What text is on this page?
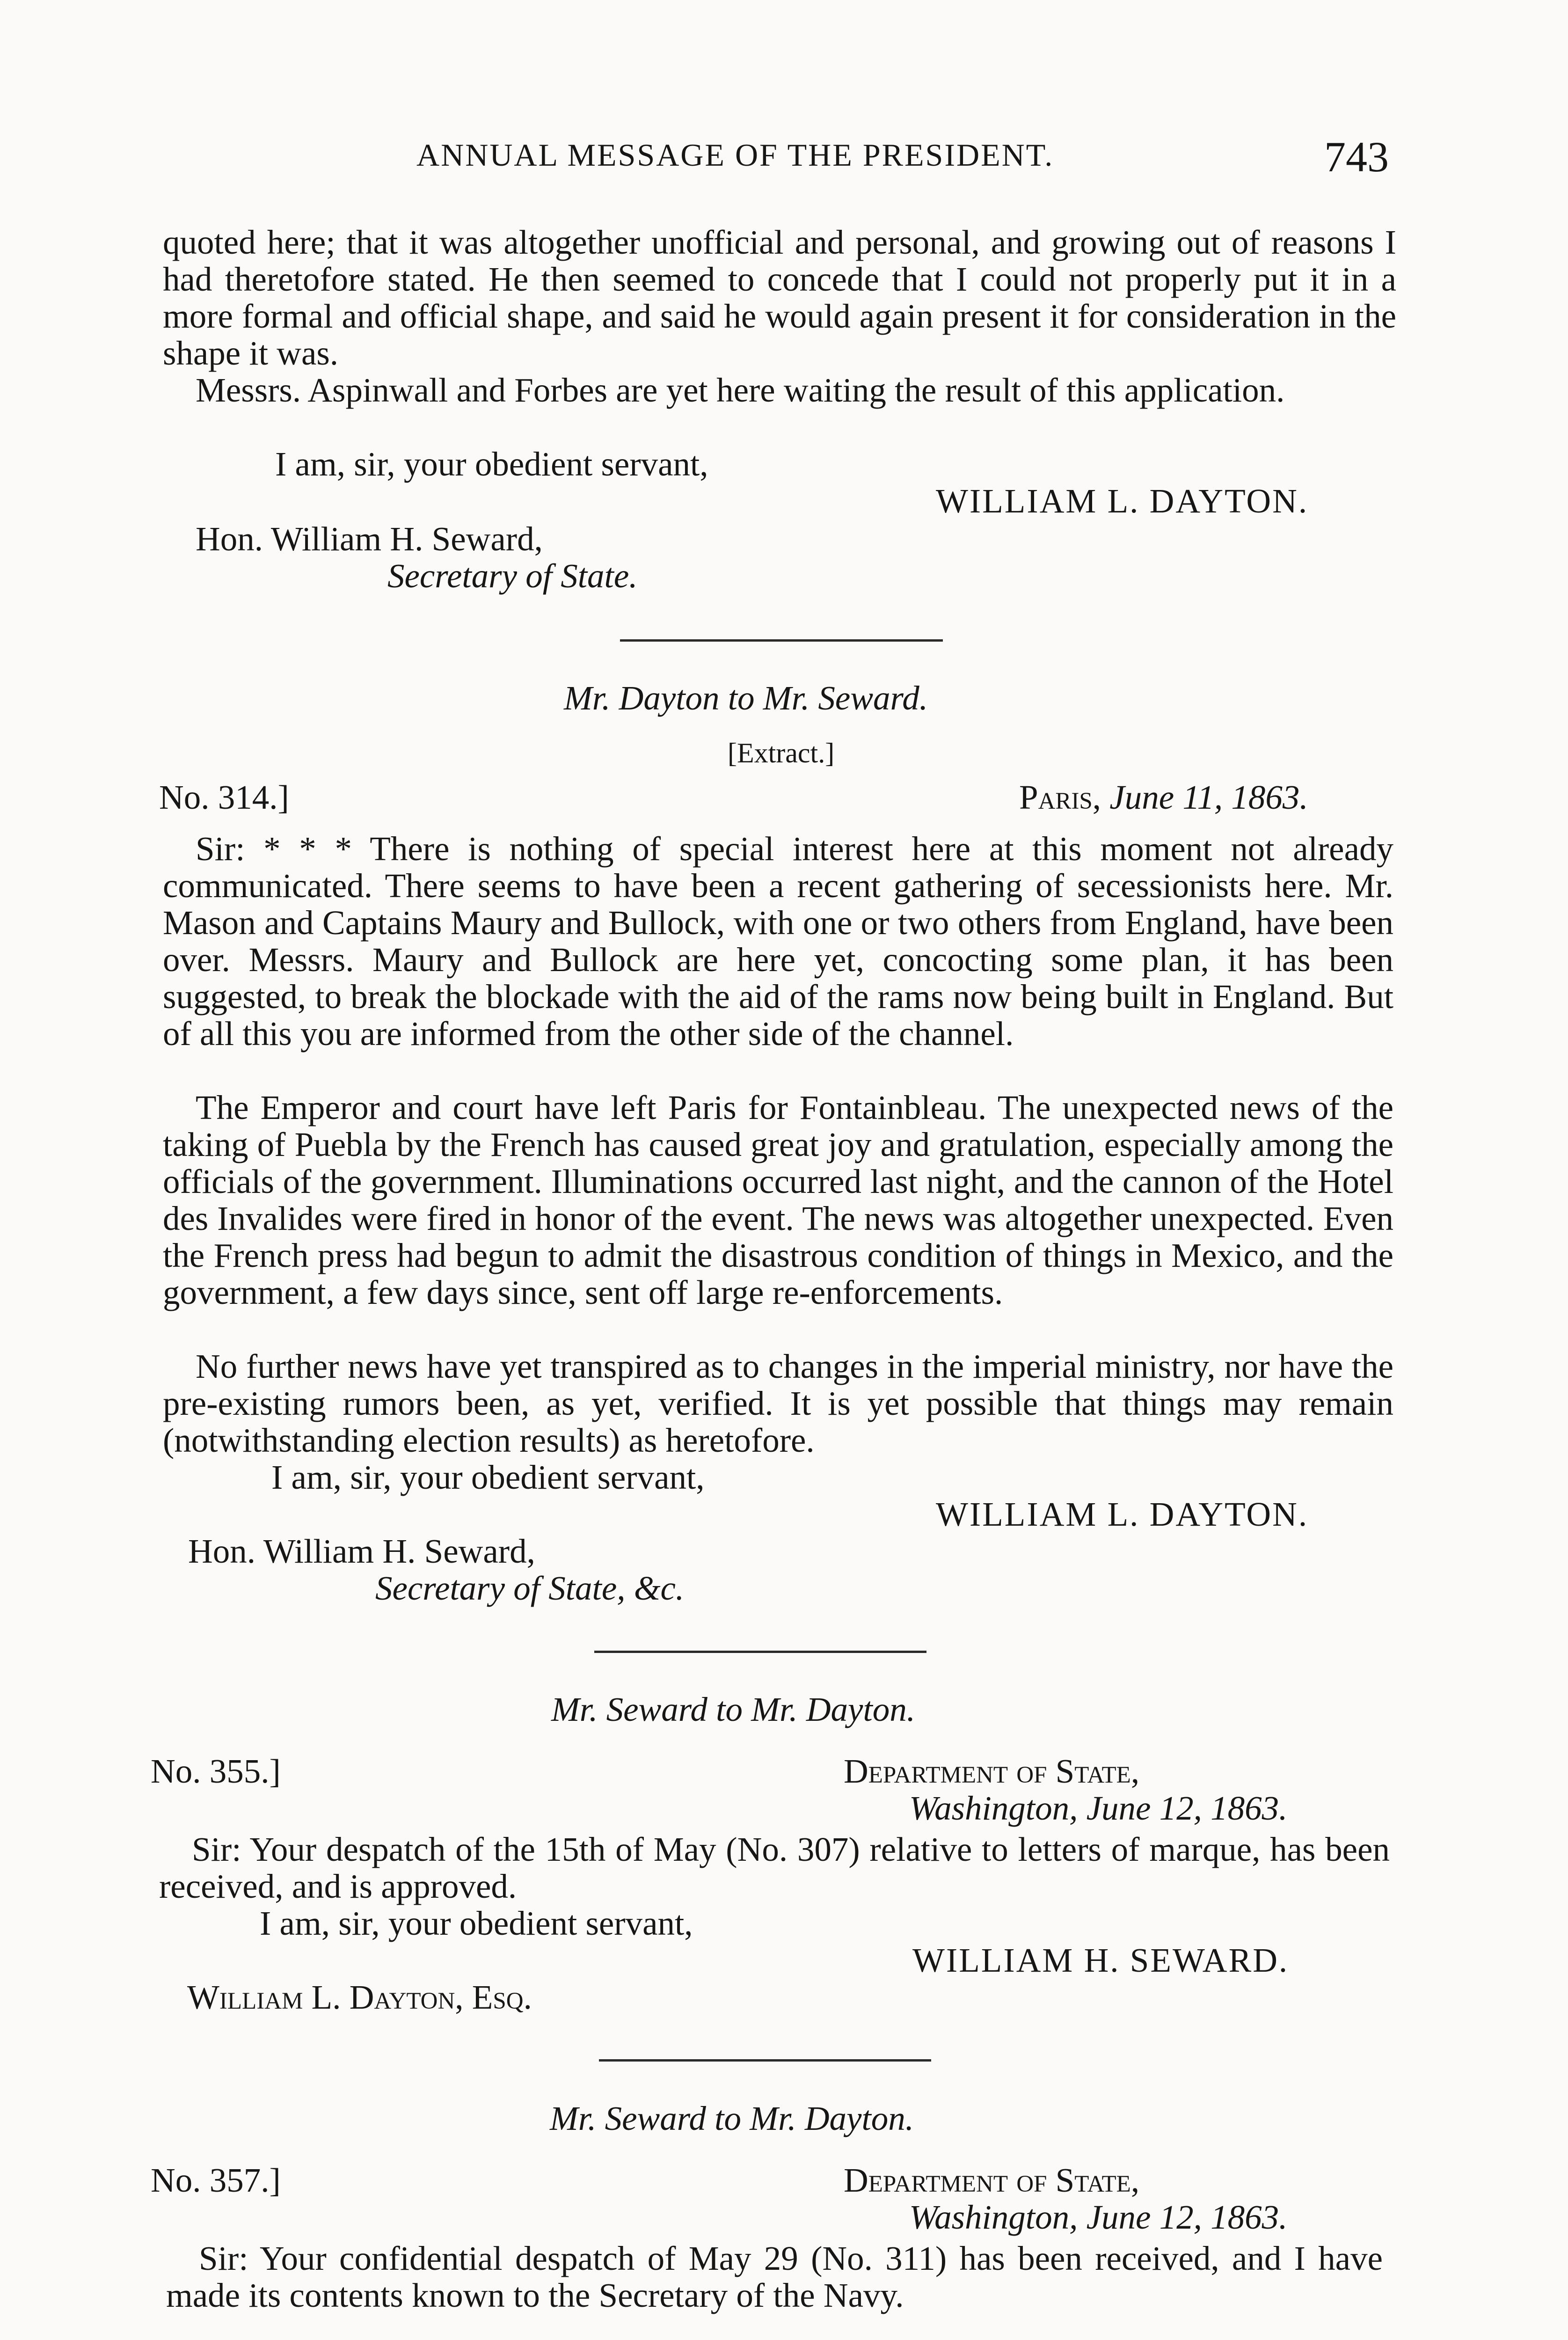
ANNUAL MESSAGE OF THE PRESIDENT.	743
quoted here; that it was altogether unofficial and personal, and growing out of reasons I had theretofore stated. He then seemed to concede that I could not properly put it in a more formal and official shape, and said he would again present it for consideration in the shape it was.
Messrs. Aspinwall and Forbes are yet here waiting the result of this application.
I am, sir, your obedient servant,
WILLIAM L. DAYTON.
Hon. William H. Seward,
Secretary of State.
Mr. Dayton to Mr. Seward.
[Extract.]
No. 314.]	Paris, June 11, 1863.
Sir: * * * There is nothing of special interest here at this moment not already communicated. There seems to have been a recent gathering of secessionists here. Mr. Mason and Captains Maury and Bullock, with one or two others from England, have been over. Messrs. Maury and Bullock are here yet, concocting some plan, it has been suggested, to break the blockade with the aid of the rams now being built in England. But of all this you are informed from the other side of the channel.
The Emperor and court have left Paris for Fontainbleau. The unexpected news of the taking of Puebla by the French has caused great joy and gratulation, especially among the officials of the government. Illuminations occurred last night, and the cannon of the Hotel des Invalides were fired in honor of the event. The news was altogether unexpected. Even the French press had begun to admit the disastrous condition of things in Mexico, and the government, a few days since, sent off large re-enforcements.
No further news have yet transpired as to changes in the imperial ministry, nor have the pre-existing rumors been, as yet, verified. It is yet possible that things may remain (notwithstanding election results) as heretofore.
I am, sir, your obedient servant,
WILLIAM L. DAYTON.
Hon. William H. Seward,
Secretary of State, &c.
Mr. Seward to Mr. Dayton.
No. 355.]	Department of State,
Washington, June 12, 1863.
Sir: Your despatch of the 15th of May (No. 307) relative to letters of marque, has been received, and is approved.
I am, sir, your obedient servant,
WILLIAM H. SEWARD.
William L. Dayton, Esq.
Mr. Seward to Mr. Dayton.
No. 357.]	Department of State,
Washington, June 12, 1863.
Sir: Your confidential despatch of May 29 (No. 311) has been received, and I have made its contents known to the Secretary of the Navy.
